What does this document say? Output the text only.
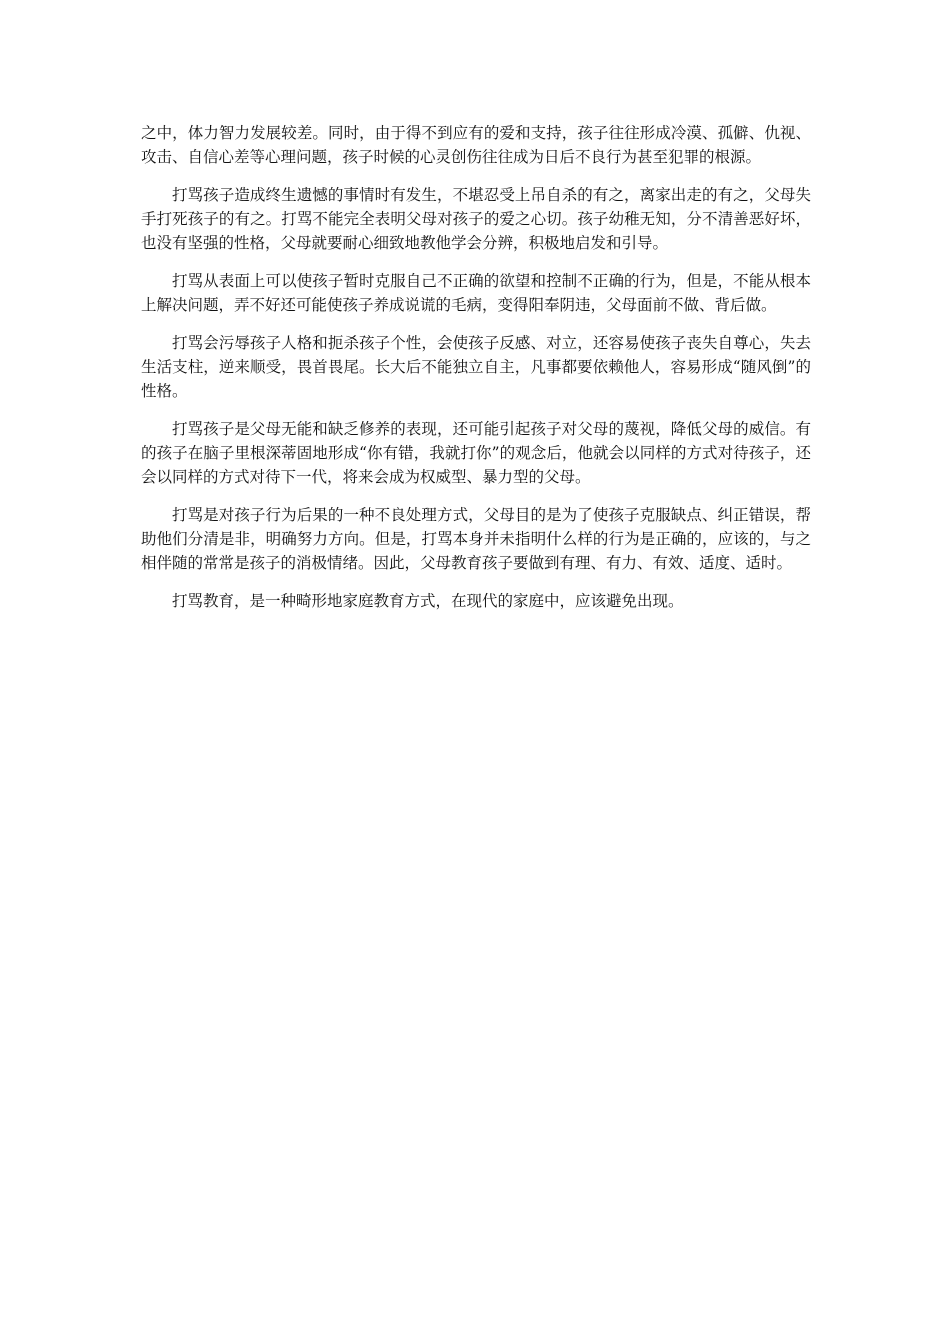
之中，体力智力发展较差。同时，由于得不到应有的爱和支持，孩子往往形成冷漠、孤僻、仇视、攻击、自信心差等心理问题，孩子时候的心灵创伤往往成为日后不良行为甚至犯罪的根源。

打骂孩子造成终生遗憾的事情时有发生，不堪忍受上吊自杀的有之，离家出走的有之，父母失手打死孩子的有之。打骂不能完全表明父母对孩子的爱之心切。孩子幼稚无知，分不清善恶好坏，也没有坚强的性格，父母就要耐心细致地教他学会分辨，积极地启发和引导。

打骂从表面上可以使孩子暂时克服自己不正确的欲望和控制不正确的行为，但是，不能从根本上解决问题，弄不好还可能使孩子养成说谎的毛病，变得阳奉阴违，父母面前不做、背后做。

打骂会污辱孩子人格和扼杀孩子个性，会使孩子反感、对立，还容易使孩子丧失自尊心，失去生活支柱，逆来顺受，畏首畏尾。长大后不能独立自主，凡事都要依赖他人，容易形成“随风倒”的性格。

打骂孩子是父母无能和缺乏修养的表现，还可能引起孩子对父母的蔑视，降低父母的威信。有的孩子在脑子里根深蒂固地形成“你有错，我就打你”的观念后，他就会以同样的方式对待孩子，还会以同样的方式对待下一代，将来会成为权威型、暴力型的父母。

打骂是对孩子行为后果的一种不良处理方式，父母目的是为了使孩子克服缺点、纠正错误，帮助他们分清是非，明确努力方向。但是，打骂本身并未指明什么样的行为是正确的，应该的，与之相伴随的常常是孩子的消极情绪。因此，父母教育孩子要做到有理、有力、有效、适度、适时。

打骂教育，是一种畸形地家庭教育方式，在现代的家庭中，应该避免出现。
